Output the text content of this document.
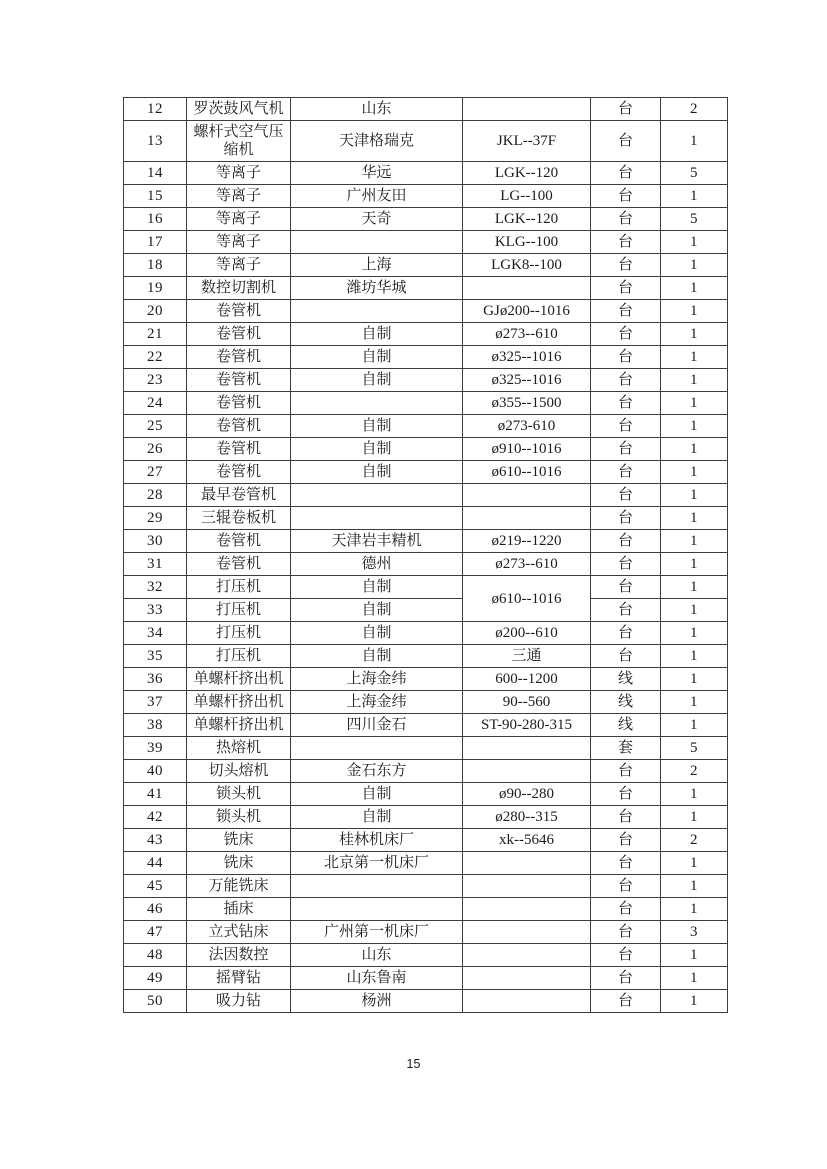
12	罗茨鼓风气机	山东		台	2
13	螺杆式空气压缩机	天津格瑞克	JKL--37F	台	1
14	等离子	华远	LGK--120	台	5
15	等离子	广州友田	LG--100	台	1
16	等离子	天奇	LGK--120	台	5
17	等离子		KLG--100	台	1
18	等离子	上海	LGK8--100	台	1
19	数控切割机	潍坊华城		台	1
20	卷管机		GJø200--1016	台	1
21	卷管机	自制	ø273--610	台	1
22	卷管机	自制	ø325--1016	台	1
23	卷管机	自制	ø325--1016	台	1
24	卷管机		ø355--1500	台	1
25	卷管机	自制	ø273-610	台	1
26	卷管机	自制	ø910--1016	台	1
27	卷管机	自制	ø610--1016	台	1
28	最早卷管机			台	1
29	三辊卷板机			台	1
30	卷管机	天津岩丰精机	ø219--1220	台	1
31	卷管机	德州	ø273--610	台	1
32	打压机	自制	ø610--1016	台	1
33	打压机	自制		台	1
34	打压机	自制	ø200--610	台	1
35	打压机	自制	三通	台	1
36	单螺杆挤出机	上海金纬	600--1200	线	1
37	单螺杆挤出机	上海金纬	90--560	线	1
38	单螺杆挤出机	四川金石	ST-90-280-315	线	1
39	热熔机			套	5
40	切头熔机	金石东方		台	2
41	锁头机	自制	ø90--280	台	1
42	锁头机	自制	ø280--315	台	1
43	铣床	桂林机床厂	xk--5646	台	2
44	铣床	北京第一机床厂		台	1
45	万能铣床			台	1
46	插床			台	1
47	立式钻床	广州第一机床厂		台	3
48	法因数控	山东		台	1
49	摇臂钻	山东鲁南		台	1
50	吸力钻	杨洲		台	1
15
